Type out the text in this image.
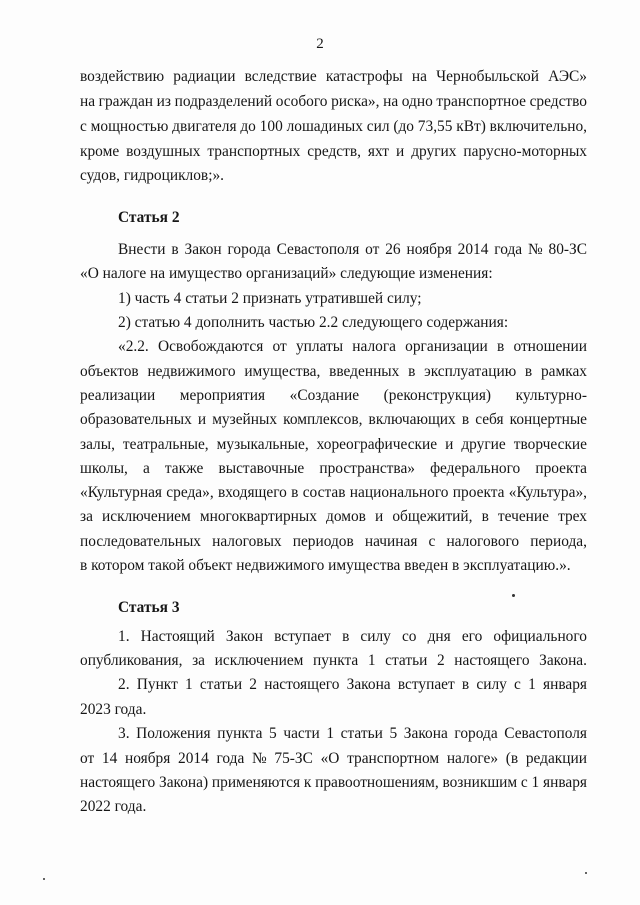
2
воздействию радиации вследствие катастрофы на Чернобыльской АЭС»
на граждан из подразделений особого риска», на одно транспортное средство
с мощностью двигателя до 100 лошадиных сил (до 73,55 кВт) включительно,
кроме воздушных транспортных средств, яхт и других парусно-моторных
судов, гидроциклов;».
Статья 2
Внести в Закон города Севастополя от 26 ноября 2014 года № 80-ЗС
«О налоге на имущество организаций» следующие изменения:
1) часть 4 статьи 2 признать утратившей силу;
2) статью 4 дополнить частью 2.2 следующего содержания:
«2.2. Освобождаются от уплаты налога организации в отношении
объектов недвижимого имущества, введенных в эксплуатацию в рамках
реализации мероприятия «Создание (реконструкция) культурно-
образовательных и музейных комплексов, включающих в себя концертные
залы, театральные, музыкальные, хореографические и другие творческие
школы, а также выставочные пространства» федерального проекта
«Культурная среда», входящего в состав национального проекта «Культура»,
за исключением многоквартирных домов и общежитий, в течение трех
последовательных налоговых периодов начиная с налогового периода,
в котором такой объект недвижимого имущества введен в эксплуатацию.».
Статья 3
1. Настоящий Закон вступает в силу со дня его официального
опубликования, за исключением пункта 1 статьи 2 настоящего Закона.
2. Пункт 1 статьи 2 настоящего Закона вступает в силу с 1 января
2023 года.
3. Положения пункта 5 части 1 статьи 5 Закона города Севастополя
от 14 ноября 2014 года № 75-ЗС «О транспортном налоге» (в редакции
настоящего Закона) применяются к правоотношениям, возникшим с 1 января
2022 года.
